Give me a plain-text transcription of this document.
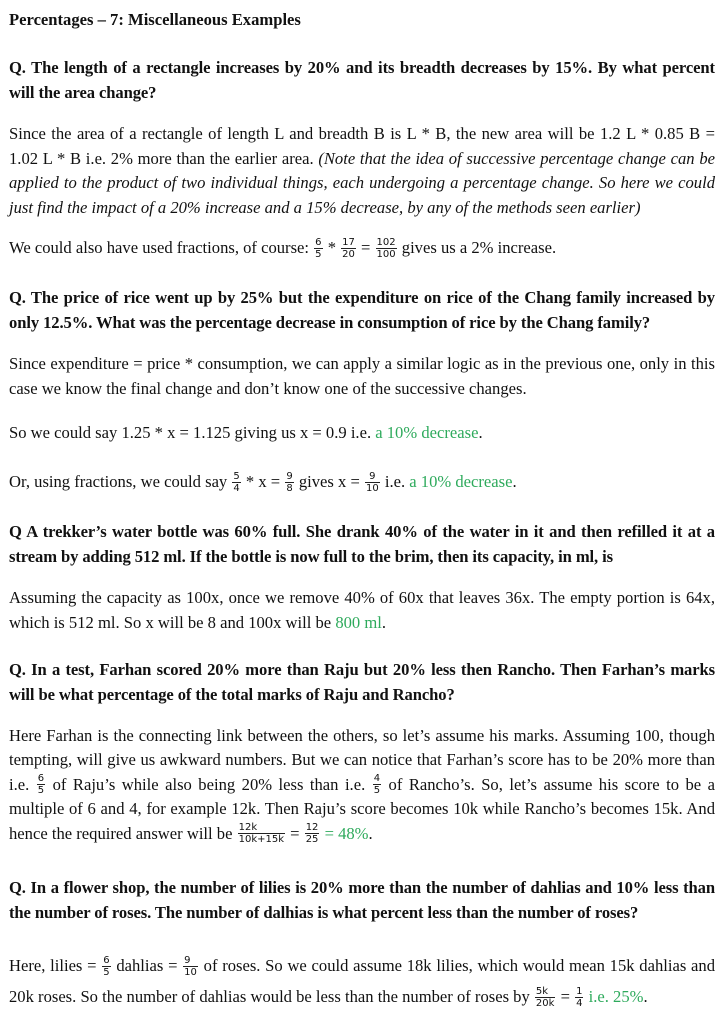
Percentages – 7: Miscellaneous Examples
Q. The length of a rectangle increases by 20% and its breadth decreases by 15%. By what percent will the area change?
Since the area of a rectangle of length L and breadth B is L * B, the new area will be 1.2 L * 0.85 B = 1.02 L * B i.e. 2% more than the earlier area. (Note that the idea of successive percentage change can be applied to the product of two individual things, each undergoing a percentage change. So here we could just find the impact of a 20% increase and a 15% decrease, by any of the methods seen earlier)
We could also have used fractions, of course: $\frac{6}{5} * \frac{17}{20} = \frac{102}{100}$ gives us a 2% increase.
Q. The price of rice went up by 25% but the expenditure on rice of the Chang family increased by only 12.5%. What was the percentage decrease in consumption of rice by the Chang family?
Since expenditure = price * consumption, we can apply a similar logic as in the previous one, only in this case we know the final change and don’t know one of the successive changes.
So we could say 1.25 * x = 1.125 giving us x = 0.9 i.e. a 10% decrease.
Or, using fractions, we could say $\frac{5}{4} * x = \frac{9}{8}$ gives $x = \frac{9}{10} i.e$. a 10% decrease.
Q A trekker’s water bottle was 60% full. She drank 40% of the water in it and then refilled it at a stream by adding 512 ml. If the bottle is now full to the brim, then its capacity, in ml, is
Assuming the capacity as 100x, once we remove 40% of 60x that leaves 36x. The empty portion is 64x, which is 512 ml. So x will be 8 and 100x will be 800 ml.
Q. In a test, Farhan scored 20% more than Raju but 20% less then Rancho. Then Farhan’s marks will be what percentage of the total marks of Raju and Rancho?
Here Farhan is the connecting link between the others, so let’s assume his marks. Assuming 100, though tempting, will give us awkward numbers. But we can notice that Farhan’s score has to be 20% more than i.e. $\frac{6}{5}$ of Raju’s while also being 20% less than i.e. $\frac{4}{5}$ of Rancho’s. So, let’s assume his score to be a multiple of 6 and 4, for example 12k. Then Raju’s score becomes 10k while Rancho’s becomes 15k. And hence the required answer will be $\frac{12k}{10k+15k} = \frac{12}{25} = 48\%$.
Q. In a flower shop, the number of lilies is 20% more than the number of dahlias and 10% less than the number of roses. The number of dalhias is what percent less than the number of roses?
Here, lilies = $\frac{6}{5}$ dahlias = $\frac{9}{10}$ of roses. So we could assume 18k lilies, which would mean 15k dahlias and 20k roses. So the number of dahlias would be less than the number of roses by $\frac{5k}{20k} = \frac{1}{4} i.e$. 25%.
